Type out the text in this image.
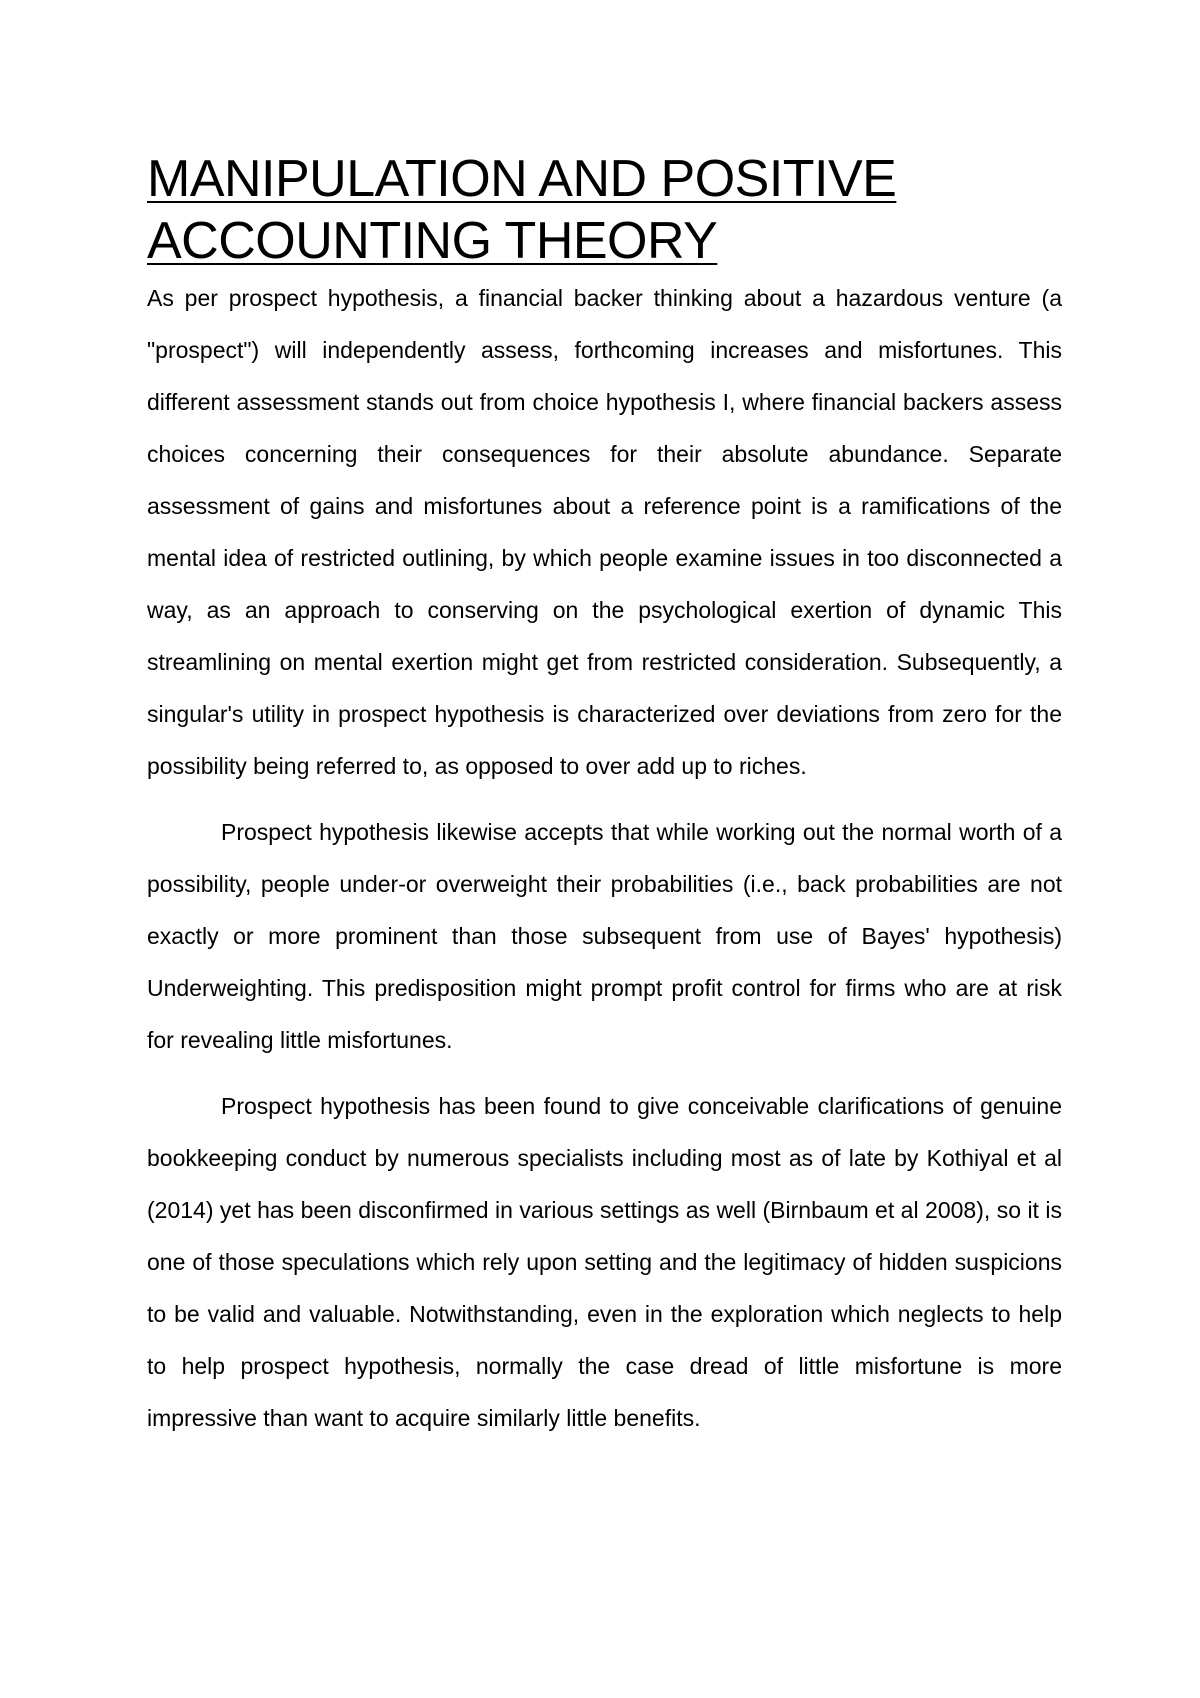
MANIPULATION AND POSITIVE
ACCOUNTING THEORY

As per prospect hypothesis, a financial backer thinking about a hazardous venture (a "prospect") will independently assess, forthcoming increases and misfortunes. This different assessment stands out from choice hypothesis I, where financial backers assess choices concerning their consequences for their absolute abundance. Separate assessment of gains and misfortunes about a reference point is a ramifications of the mental idea of restricted outlining, by which people examine issues in too disconnected a way, as an approach to conserving on the psychological exertion of dynamic This streamlining on mental exertion might get from restricted consideration. Subsequently, a singular's utility in prospect hypothesis is characterized over deviations from zero for the possibility being referred to, as opposed to over add up to riches.

Prospect hypothesis likewise accepts that while working out the normal worth of a possibility, people under-or overweight their probabilities (i.e., back probabilities are not exactly or more prominent than those subsequent from use of Bayes' hypothesis) Underweighting. This predisposition might prompt profit control for firms who are at risk for revealing little misfortunes.

Prospect hypothesis has been found to give conceivable clarifications of genuine bookkeeping conduct by numerous specialists including most as of late by Kothiyal et al (2014) yet has been disconfirmed in various settings as well (Birnbaum et al 2008), so it is one of those speculations which rely upon setting and the legitimacy of hidden suspicions to be valid and valuable. Notwithstanding, even in the exploration which neglects to help to help prospect hypothesis, normally the case dread of little misfortune is more impressive than want to acquire similarly little benefits.
